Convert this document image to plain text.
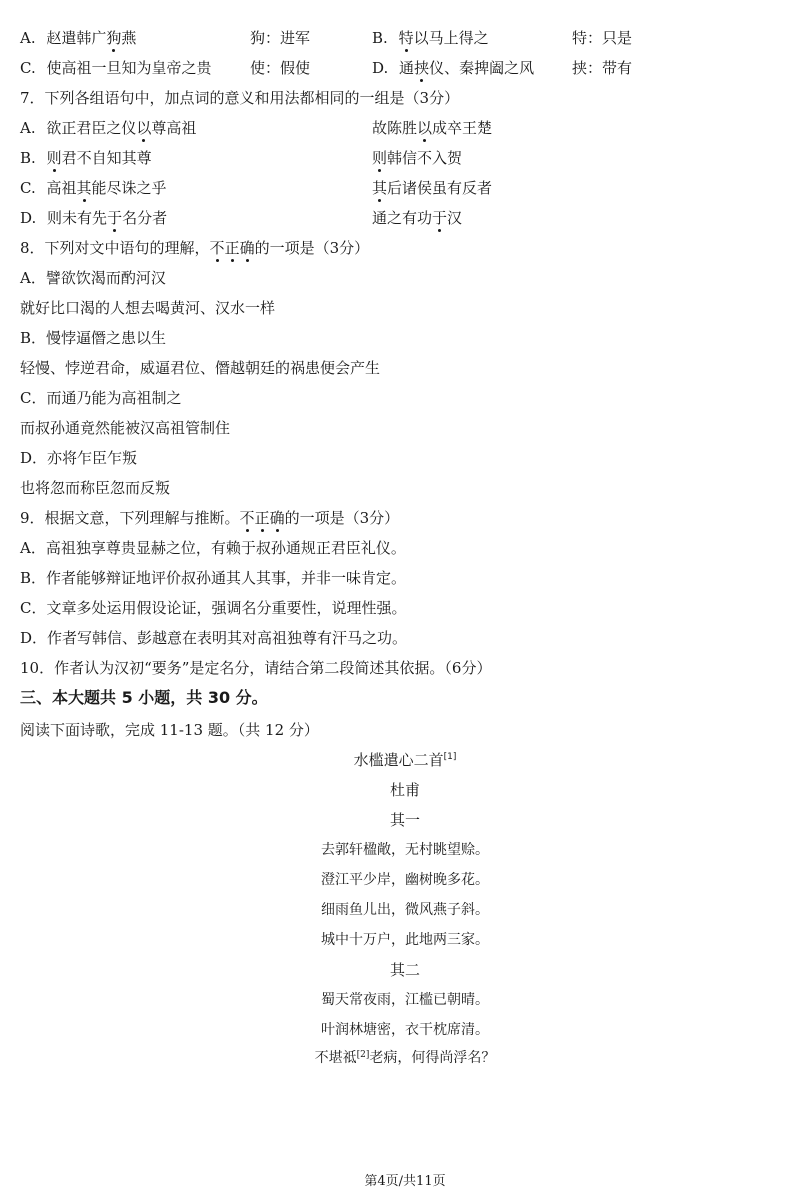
A. 赵遣韩广狗燕	狗：进军	B. 特以马上得之	特：只是
C. 使高祖一旦知为皇帝之贵	使：假使	D. 通挟仪、秦捭阖之风	挟：带有
7．下列各组语句中，加点词的意义和用法都相同的一组是（3分）
A. 欲正君臣之仪以尊高祖	故陈胜以成卒王楚
B. 则君不自知其尊	则韩信不入贺
C. 高祖其能尽诛之乎	其后诸侯虽有反者
D. 则未有先于名分者	通之有功于汉
8．下列对文中语句的理解，不正确的一项是（3分）
A．譬欲饮渴而酌河汉
就好比口渴的人想去喝黄河、汉水一样
B．慢悖逼僭之患以生
轻慢、悖逆君命，威逼君位、僭越朝廷的祸患便会产生
C．而通乃能为高祖制之
而叔孙通竟然能被汉高祖管制住
D．亦将乍臣乍叛
也将忽而称臣忽而反叛
9．根据文意，下列理解与推断。不正确的一项是（3分）
A．高祖独享尊贵显赫之位，有赖于叔孙通规正君臣礼仪。
B．作者能够辩证地评价叔孙通其人其事，并非一味肯定。
C．文章多处运用假设论证，强调名分重要性，说理性强。
D．作者写韩信、彭越意在表明其对高祖独尊有汗马之功。
10．作者认为汉初“要务”是定名分，请结合第二段简述其依据。（6分）
三、本大题共 5 小题，共 30 分。
阅读下面诗歌，完成 11-13 题。（共 12 分）
水槛遣心二首[1]
杜甫
其一
去郭轩楹敞，无村眺望赊。
澄江平少岸，幽树晚多花。
细雨鱼儿出，微风燕子斜。
城中十万户，此地两三家。
其二
蜀天常夜雨，江槛已朝晴。
叶润林塘密，衣干枕席清。
不堪祗[2]老病，何得尚浮名？
第4页/共11页
